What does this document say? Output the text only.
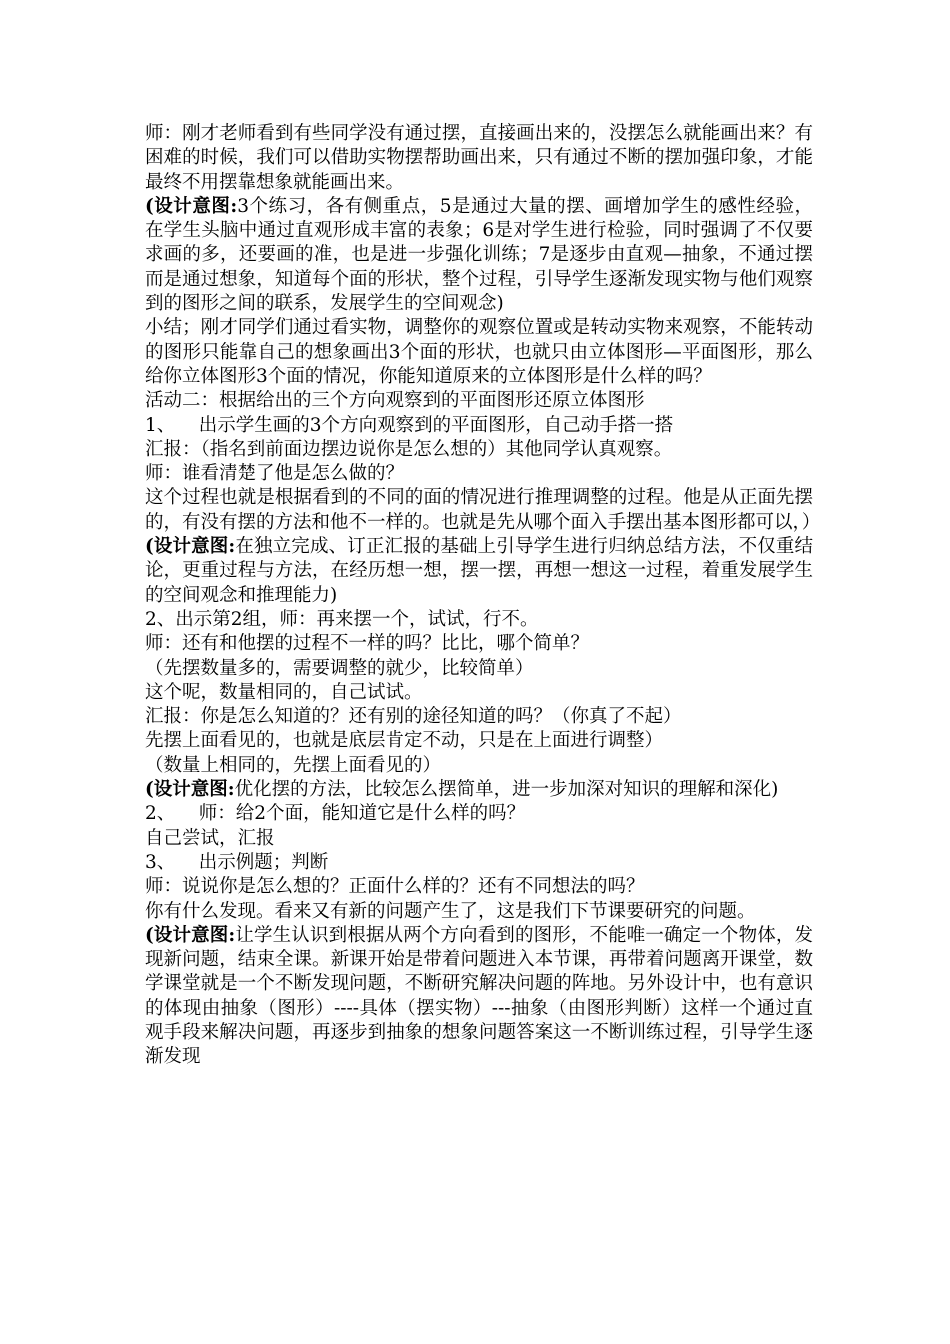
师：刚才老师看到有些同学没有通过摆，直接画出来的，没摆怎么就能画出来？有困难的时候，我们可以借助实物摆帮助画出来，只有通过不断的摆加强印象，才能最终不用摆靠想象就能画出来。

(设计意图:3个练习，各有侧重点，5是通过大量的摆、画增加学生的感性经验，在学生头脑中通过直观形成丰富的表象；6是对学生进行检验，同时强调了不仅要求画的多，还要画的准，也是进一步强化训练；7是逐步由直观—抽象，不通过摆而是通过想象，知道每个面的形状，整个过程，引导学生逐渐发现实物与他们观察到的图形之间的联系，发展学生的空间观念)

小结；刚才同学们通过看实物，调整你的观察位置或是转动实物来观察，不能转动的图形只能靠自己的想象画出3个面的形状，也就只由立体图形—平面图形，那么给你立体图形3个面的情况，你能知道原来的立体图形是什么样的吗？

活动二：根据给出的三个方向观察到的平面图形还原立体图形

1、    出示学生画的3个方向观察到的平面图形，自己动手搭一搭

汇报：（指名到前面边摆边说你是怎么想的）其他同学认真观察。

师：谁看清楚了他是怎么做的？

这个过程也就是根据看到的不同的面的情况进行推理调整的过程。他是从正面先摆的，有没有摆的方法和他不一样的。也就是先从哪个面入手摆出基本图形都可以，）

(设计意图:在独立完成、订正汇报的基础上引导学生进行归纳总结方法，不仅重结论，更重过程与方法，在经历想一想，摆一摆，再想一想这一过程，着重发展学生的空间观念和推理能力)

2、出示第2组，师：再来摆一个，试试，行不。

师：还有和他摆的过程不一样的吗？比比，哪个简单？

（先摆数量多的，需要调整的就少，比较简单）

这个呢，数量相同的，自己试试。

汇报：你是怎么知道的？还有别的途径知道的吗？（你真了不起）

先摆上面看见的，也就是底层肯定不动，只是在上面进行调整）

（数量上相同的，先摆上面看见的）

(设计意图:优化摆的方法，比较怎么摆简单，进一步加深对知识的理解和深化)

2、    师：给2个面，能知道它是什么样的吗？

自己尝试，汇报

3、    出示例题；判断

师：说说你是怎么想的？正面什么样的？还有不同想法的吗？

你有什么发现。看来又有新的问题产生了，这是我们下节课要研究的问题。

(设计意图:让学生认识到根据从两个方向看到的图形，不能唯一确定一个物体，发现新问题，结束全课。新课开始是带着问题进入本节课，再带着问题离开课堂，数学课堂就是一个不断发现问题，不断研究解决问题的阵地。另外设计中，也有意识的体现由抽象（图形）----具体（摆实物）---抽象（由图形判断）这样一个通过直观手段来解决问题，再逐步到抽象的想象问题答案这一不断训练过程，引导学生逐渐发现
